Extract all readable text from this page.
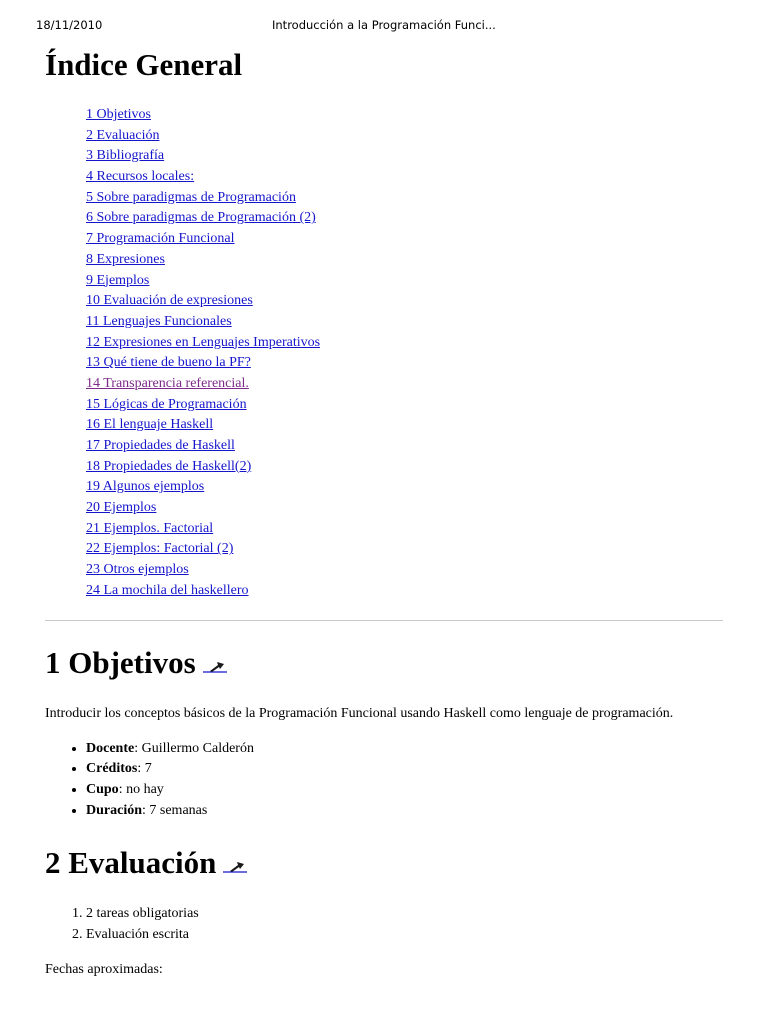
18/11/2010	Introducción a la Programación Funci...
Índice General
1 Objetivos
2 Evaluación
3 Bibliografía
4 Recursos locales:
5 Sobre paradigmas de Programación
6 Sobre paradigmas de Programación (2)
7 Programación Funcional
8 Expresiones
9 Ejemplos
10 Evaluación de expresiones
11 Lenguajes Funcionales
12 Expresiones en Lenguajes Imperativos
13 Qué tiene de bueno la PF?
14 Transparencia referencial.
15 Lógicas de Programación
16 El lenguaje Haskell
17 Propiedades de Haskell
18 Propiedades de Haskell(2)
19 Algunos ejemplos
20 Ejemplos
21 Ejemplos. Factorial
22 Ejemplos: Factorial (2)
23 Otros ejemplos
24 La mochila del haskellero
1 Objetivos

Introducir los conceptos básicos de la Programación Funcional usando Haskell como lenguaje de programación.

• Docente: Guillermo Calderón
• Créditos: 7
• Cupo: no hay
• Duración: 7 semanas
2 Evaluación
1. 2 tareas obligatorias
2. Evaluación escrita

Fechas aproximadas:
